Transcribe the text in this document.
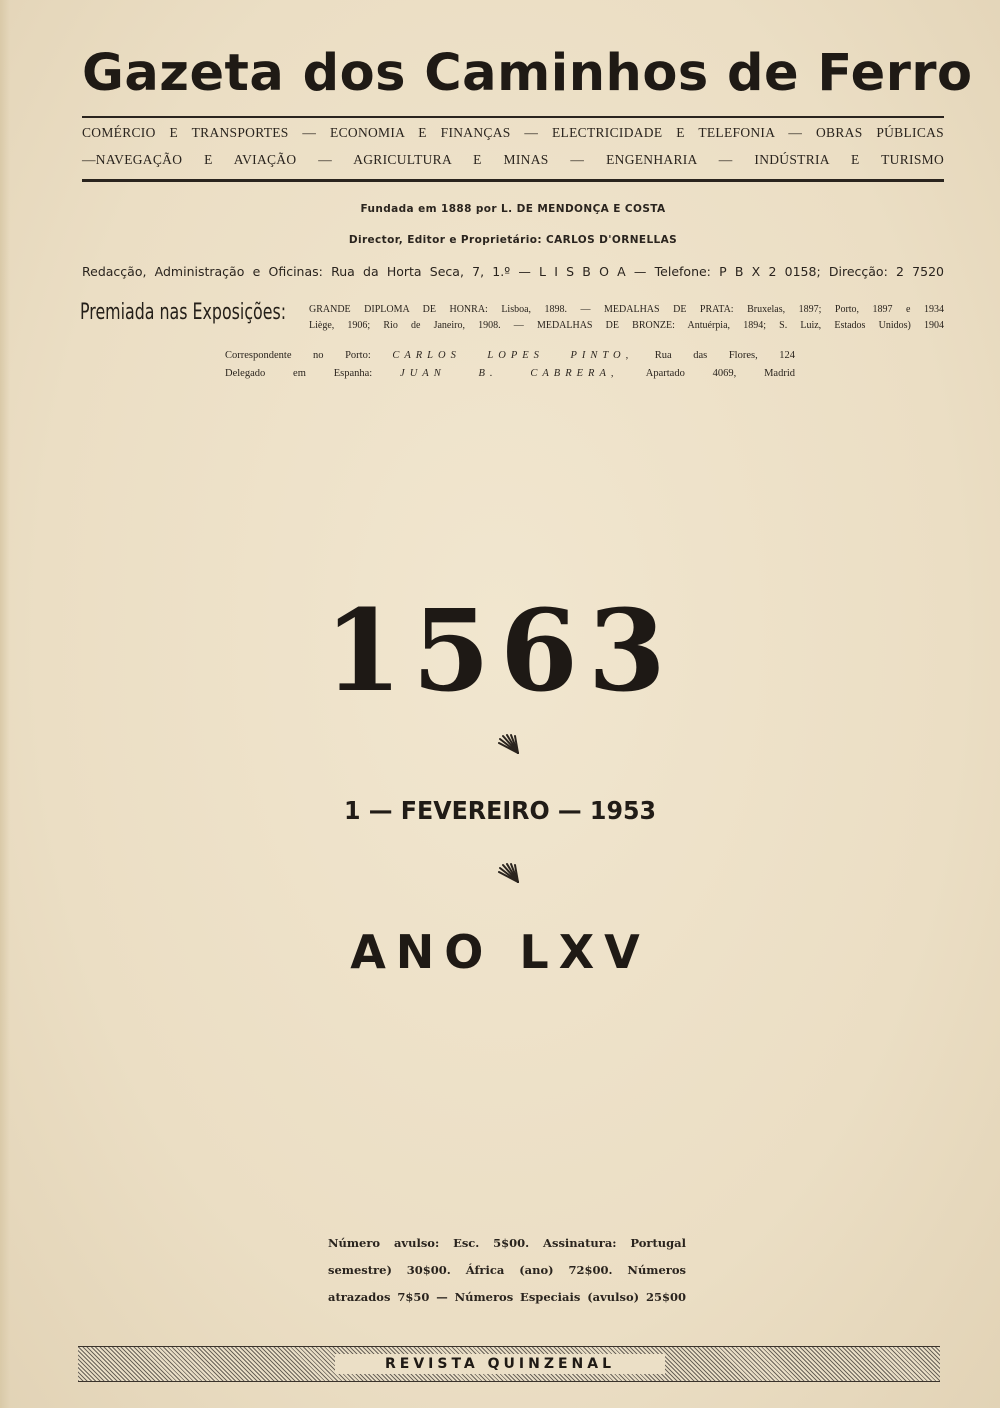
Gazeta dos Caminhos de Ferro
COMÉRCIO E TRANSPORTES — ECONOMIA E FINANÇAS — ELECTRICIDADE E TELEFONIA — OBRAS PÚBLICAS
—NAVEGAÇÃO E AVIAÇÃO — AGRICULTURA E MINAS — ENGENHARIA — INDÚSTRIA E TURISMO
Fundada em 1888 por L. DE MENDONÇA E COSTA
Director, Editor e Proprietário: CARLOS D'ORNELLAS
Redacção, Administração e Oficinas: Rua da Horta Seca, 7, 1.º — L I S B O A — Telefone: P B X 2 0158; Direcção: 2 7520
Premiada nas Exposições: GRANDE DIPLOMA DE HONRA: Lisboa, 1898. — MEDALHAS DE PRATA: Bruxelas, 1897; Porto, 1897 e 1934
Liège, 1906; Rio de Janeiro, 1908. — MEDALHAS DE BRONZE: Antuérpia, 1894; S. Luiz, Estados Unidos) 1904
Correspondente no Porto: CARLOS LOPES PINTO, Rua das Flores, 124
Delegado em Espanha:	JUAN B. CABRERA,	Apartado 4069, Madrid
1563
1 — FEVEREIRO — 1953
ANO LXV
Número avulso: Esc. 5$00. Assinatura: Portugal
semestre) 30$00. África (ano) 72$00. Números
atrazados 7$50 — Números Especiais (avulso) 25$00
REVISTA QUINZENAL
